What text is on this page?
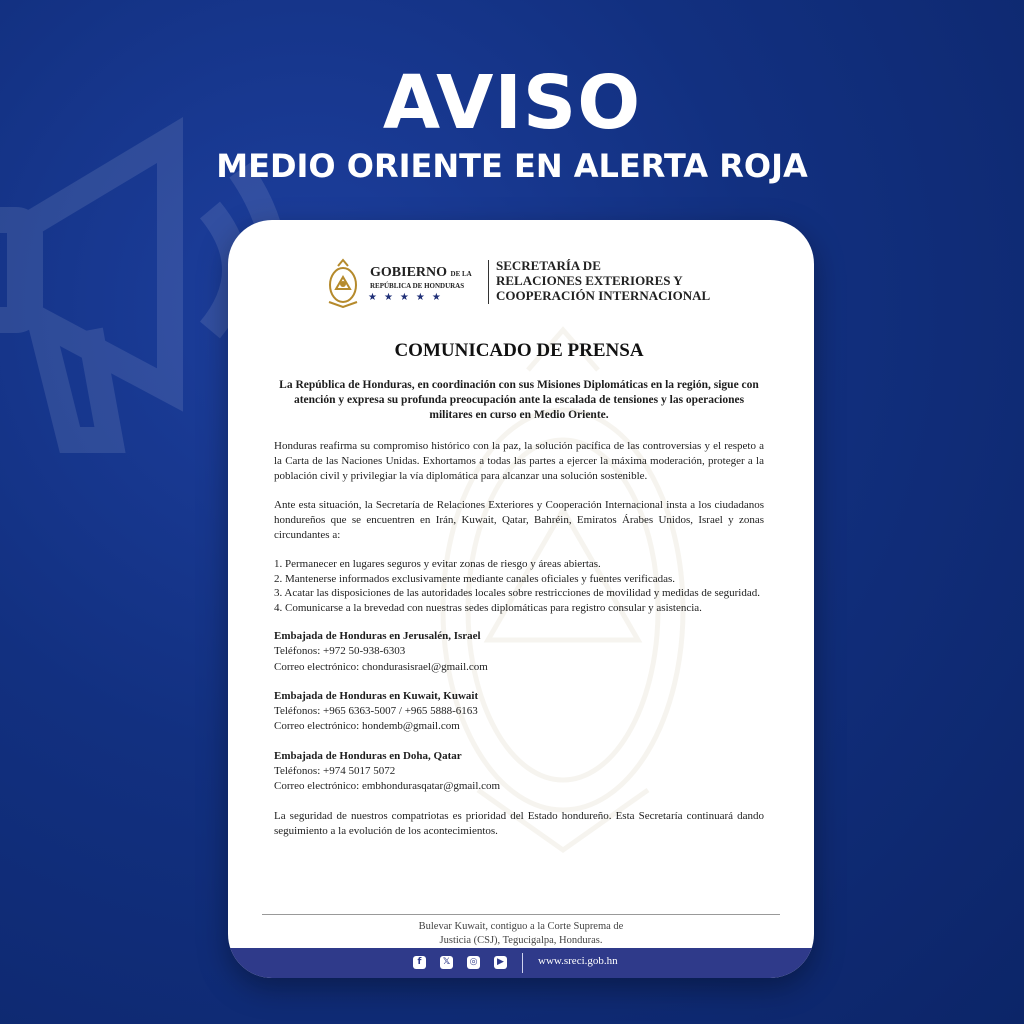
AVISO
MEDIO ORIENTE EN ALERTA ROJA
GOBIERNO DE LA
REPÚBLICA DE HONDURAS
★★★★★
SECRETARÍA DE
RELACIONES EXTERIORES Y
COOPERACIÓN INTERNACIONAL
COMUNICADO DE PRENSA

La República de Honduras, en coordinación con sus Misiones Diplomáticas en la región, sigue con atención y expresa su profunda preocupación ante la escalada de tensiones y las operaciones militares en curso en Medio Oriente.

Honduras reafirma su compromiso histórico con la paz, la solución pacífica de las controversias y el respeto a la Carta de las Naciones Unidas. Exhortamos a todas las partes a ejercer la máxima moderación, proteger a la población civil y privilegiar la vía diplomática para alcanzar una solución sostenible.

Ante esta situación, la Secretaría de Relaciones Exteriores y Cooperación Internacional insta a los ciudadanos hondureños que se encuentren en Irán, Kuwait, Qatar, Bahréin, Emiratos Árabes Unidos, Israel y zonas circundantes a:

1. Permanecer en lugares seguros y evitar zonas de riesgo y áreas abiertas.
2. Mantenerse informados exclusivamente mediante canales oficiales y fuentes verificadas.
3. Acatar las disposiciones de las autoridades locales sobre restricciones de movilidad y medidas de seguridad.
4. Comunicarse a la brevedad con nuestras sedes diplomáticas para registro consular y asistencia.
Embajada de Honduras en Jerusalén, Israel
Teléfonos: +972 50-938-6303
Correo electrónico: chondurasisrael@gmail.com
Embajada de Honduras en Kuwait, Kuwait
Teléfonos: +965 6363-5007 / +965 5888-6163
Correo electrónico: hondemb@gmail.com
Embajada de Honduras en Doha, Qatar
Teléfonos: +974 5017 5072
Correo electrónico: embhondurasqatar@gmail.com

La seguridad de nuestros compatriotas es prioridad del Estado hondureño. Esta Secretaría continuará dando seguimiento a la evolución de los acontecimientos.

Bulevar Kuwait, contiguo a la Corte Suprema de
Justicia (CSJ), Tegucigalpa, Honduras.
f	𝕏	◎	▶	www.sreci.gob.hn
